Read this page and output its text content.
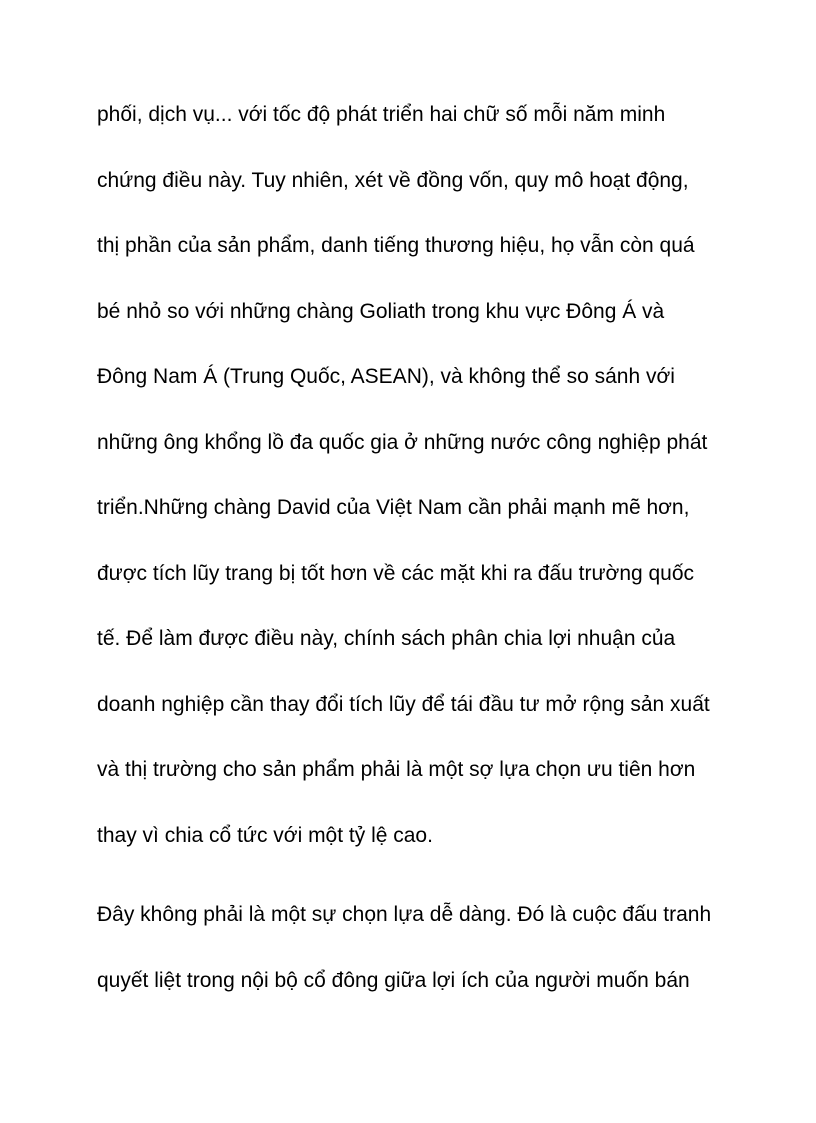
phối, dịch vụ... với tốc độ phát triển hai chữ số mỗi năm minh
chứng điều này. Tuy nhiên, xét về đồng vốn, quy mô hoạt động,
thị phần của sản phẩm, danh tiếng thương hiệu, họ vẫn còn quá
bé nhỏ so với những chàng Goliath trong khu vực Đông Á và
Đông Nam Á (Trung Quốc, ASEAN), và không thể so sánh với
những ông khổng lồ đa quốc gia ở những nước công nghiệp phát
triển.Những chàng David của Việt Nam cần phải mạnh mẽ hơn,
được tích lũy trang bị tốt hơn về các mặt khi ra đấu trường quốc
tế. Để làm được điều này, chính sách phân chia lợi nhuận của
doanh nghiệp cần thay đổi tích lũy để tái đầu tư mở rộng sản xuất
và thị trường cho sản phẩm phải là một sợ lựa chọn ưu tiên hơn
thay vì chia cổ tức với một tỷ lệ cao.
Đây không phải là một sự chọn lựa dễ dàng. Đó là cuộc đấu tranh
quyết liệt trong nội bộ cổ đông giữa lợi ích của người muốn bán
